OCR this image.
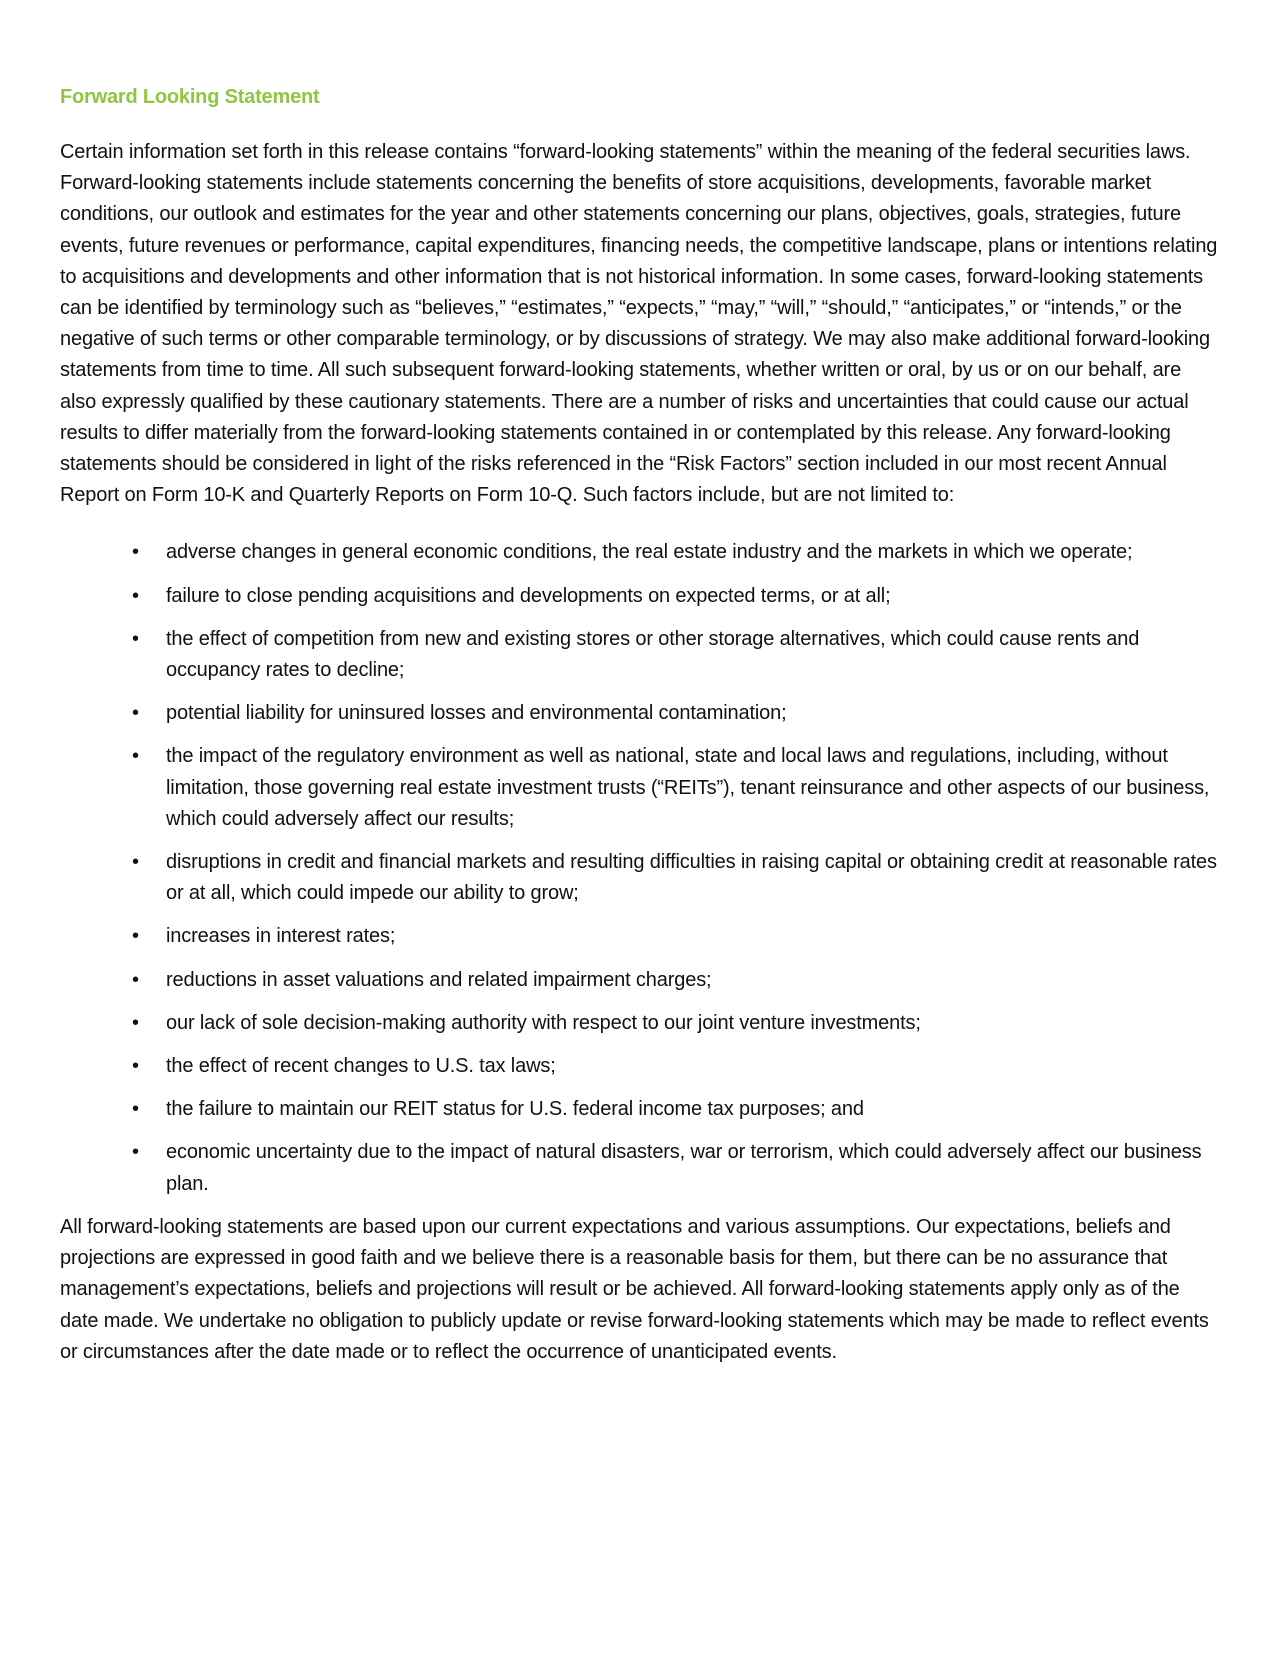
Forward Looking Statement

Certain information set forth in this release contains “forward-looking statements” within the meaning of the federal securities laws. Forward-looking statements include statements concerning the benefits of store acquisitions, developments, favorable market conditions, our outlook and estimates for the year and other statements concerning our plans, objectives, goals, strategies, future events, future revenues or performance, capital expenditures, financing needs, the competitive landscape, plans or intentions relating to acquisitions and developments and other information that is not historical information. In some cases, forward-looking statements can be identified by terminology such as “believes,” “estimates,” “expects,” “may,” “will,” “should,” “anticipates,” or “intends,” or the negative of such terms or other comparable terminology, or by discussions of strategy. We may also make additional forward-looking statements from time to time. All such subsequent forward-looking statements, whether written or oral, by us or on our behalf, are also expressly qualified by these cautionary statements. There are a number of risks and uncertainties that could cause our actual results to differ materially from the forward-looking statements contained in or contemplated by this release. Any forward-looking statements should be considered in light of the risks referenced in the “Risk Factors” section included in our most recent Annual Report on Form 10-K and Quarterly Reports on Form 10-Q. Such factors include, but are not limited to:

• adverse changes in general economic conditions, the real estate industry and the markets in which we operate;
• failure to close pending acquisitions and developments on expected terms, or at all;
• the effect of competition from new and existing stores or other storage alternatives, which could cause rents and occupancy rates to decline;
• potential liability for uninsured losses and environmental contamination;
• the impact of the regulatory environment as well as national, state and local laws and regulations, including, without limitation, those governing real estate investment trusts (“REITs”), tenant reinsurance and other aspects of our business, which could adversely affect our results;
• disruptions in credit and financial markets and resulting difficulties in raising capital or obtaining credit at reasonable rates or at all, which could impede our ability to grow;
• increases in interest rates;
• reductions in asset valuations and related impairment charges;
• our lack of sole decision-making authority with respect to our joint venture investments;
• the effect of recent changes to U.S. tax laws;
• the failure to maintain our REIT status for U.S. federal income tax purposes; and
• economic uncertainty due to the impact of natural disasters, war or terrorism, which could adversely affect our business plan.

All forward-looking statements are based upon our current expectations and various assumptions. Our expectations, beliefs and projections are expressed in good faith and we believe there is a reasonable basis for them, but there can be no assurance that management’s expectations, beliefs and projections will result or be achieved. All forward-looking statements apply only as of the date made. We undertake no obligation to publicly update or revise forward-looking statements which may be made to reflect events or circumstances after the date made or to reflect the occurrence of unanticipated events.
